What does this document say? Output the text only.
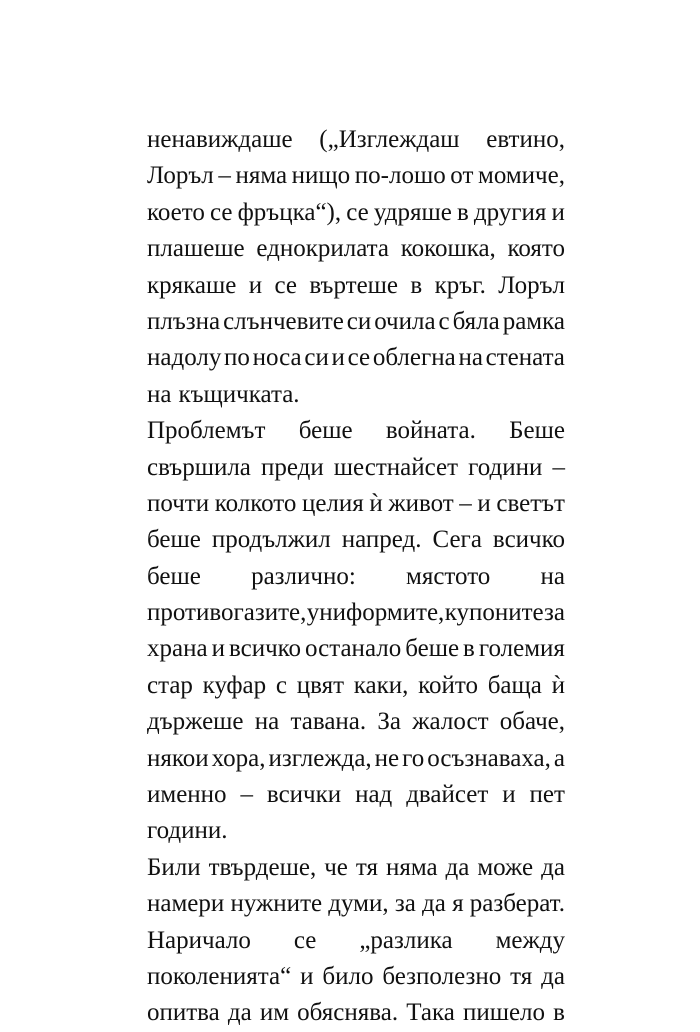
ненавиждаше („Изглеждаш евтино,
Лоръл – няма нищо по-лошо от момиче,
което се фръцка“), се удряше в другия и
плашеше еднокрилата кокошка, която
крякаше и се въртеше в кръг. Лоръл
плъзна слънчевите си очила с бяла рамка
надолу по носа си и се облегна на стената
на къщичката.
Проблемът беше войната. Беше
свършила преди шестнайсет години –
почти колкото целия ѝ живот – и светът
беше продължил напред. Сега всичко
беше различно: мястото на
противогазите, униформите, купоните за
храна и всичко останало беше в големия
стар куфар с цвят каки, който баща ѝ
държеше на тавана. За жалост обаче,
някои хора, изглежда, не го осъзнаваха, а
именно – всички над двайсет и пет
години.
Били твърдеше, че тя няма да може да
намери нужните думи, за да я разберат.
Наричало се „разлика между
поколенията“ и било безполезно тя да
опитва да им обяснява. Така пишело в
